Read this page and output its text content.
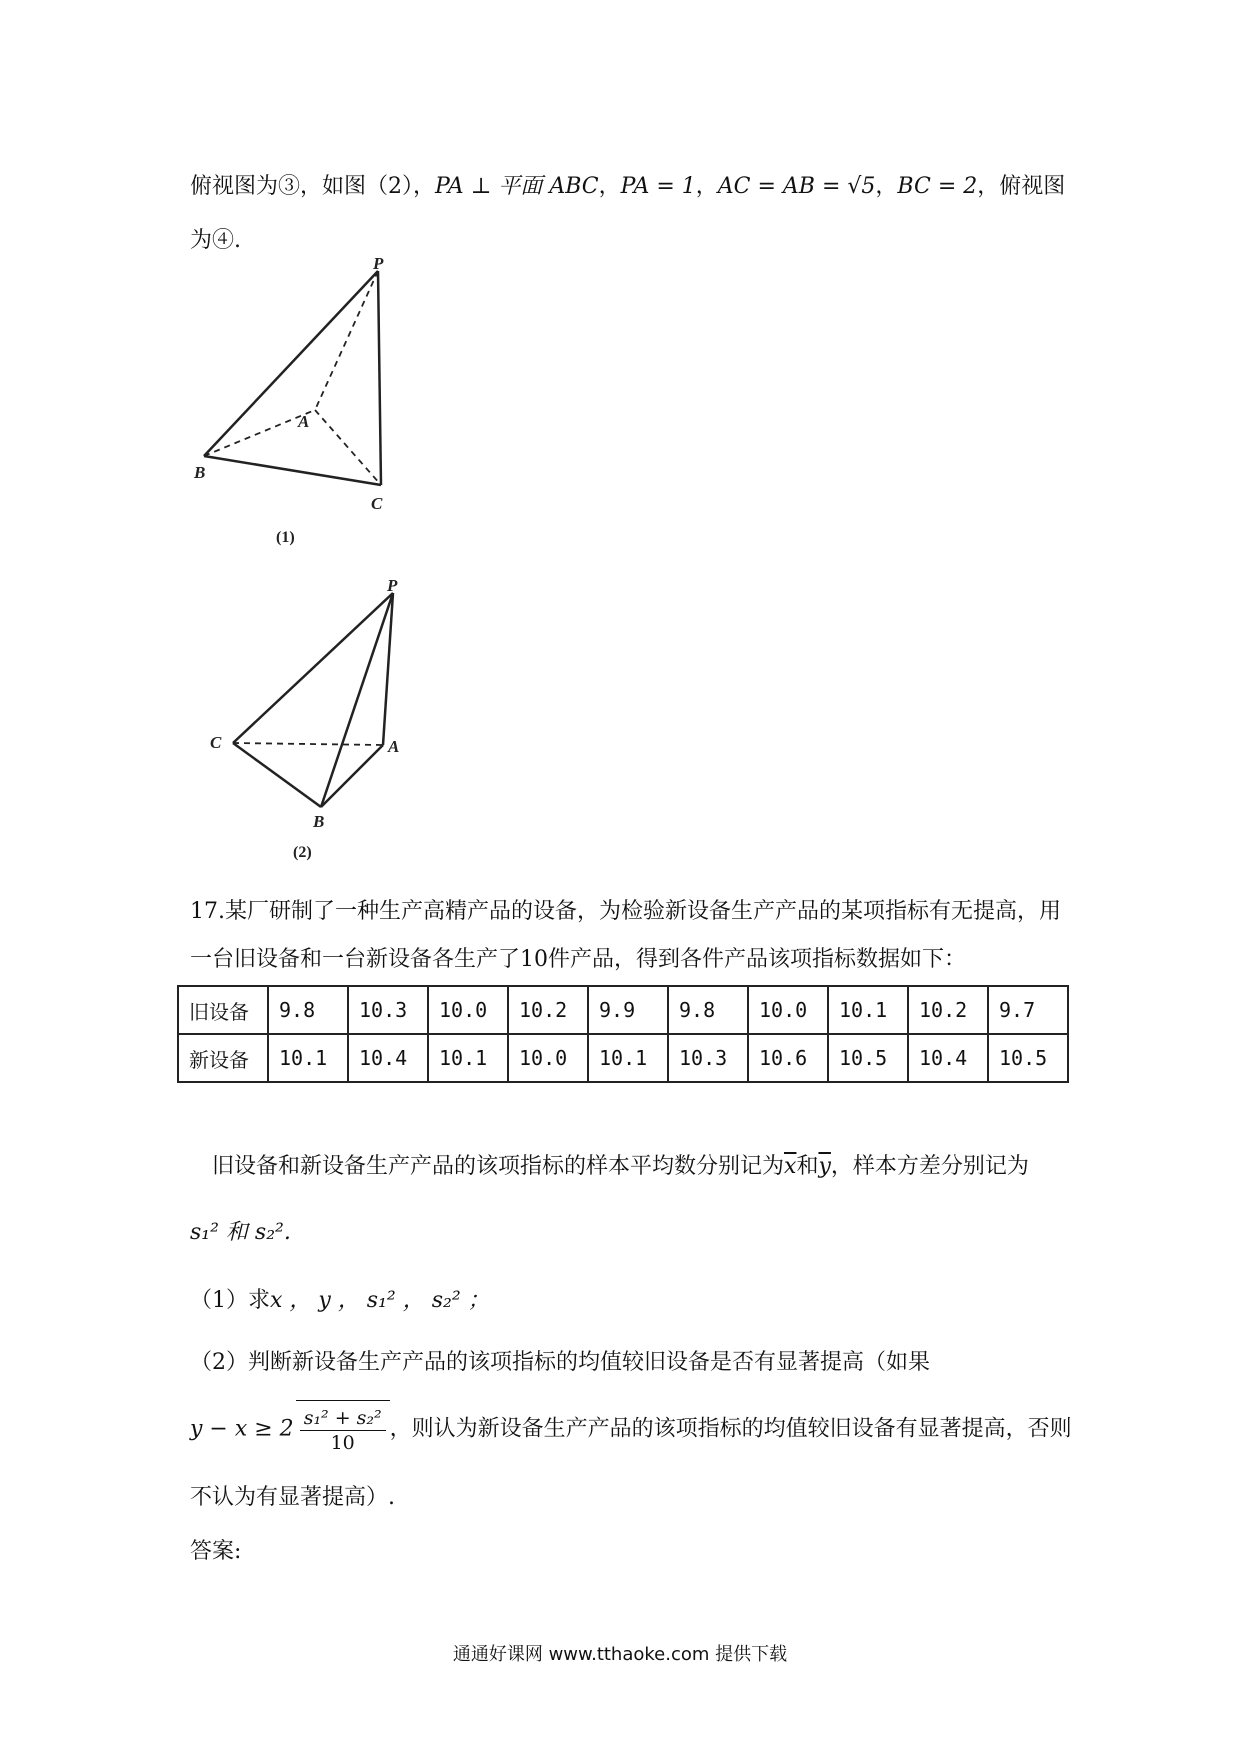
俯视图为③，如图（2），PA ⊥ 平面 ABC，PA = 1，AC = AB = √5，BC = 2，俯视图
为④.
P
A
B
C
(1)
P
A
B
C
(2)
17.某厂研制了一种生产高精产品的设备，为检验新设备生产产品的某项指标有无提高，用
一台旧设备和一台新设备各生产了10件产品，得到各件产品该项指标数据如下：
旧设备	9.8	10.3	10.0	10.2	9.9	9.8	10.0	10.1	10.2	9.7
新设备	10.1	10.4	10.1	10.0	10.1	10.3	10.6	10.5	10.4	10.5
旧设备和新设备生产产品的该项指标的样本平均数分别记为$\overline{x}$和$\overline{y}$，样本方差分别记为
s₁² 和 s₂².
（1）求x ， y ， s₁² ， s₂² ；
（2）判断新设备生产产品的该项指标的均值较旧设备是否有显著提高（如果
$y - x \ge 2 \frac{\text{s₁² + s₂²}}{10}$ ，则认为新设备生产产品的该项指标的均值较旧设备有显著提高，否则
不认为有显著提高）.
答案:
通通好课网 www.tthaoke.com 提供下载
